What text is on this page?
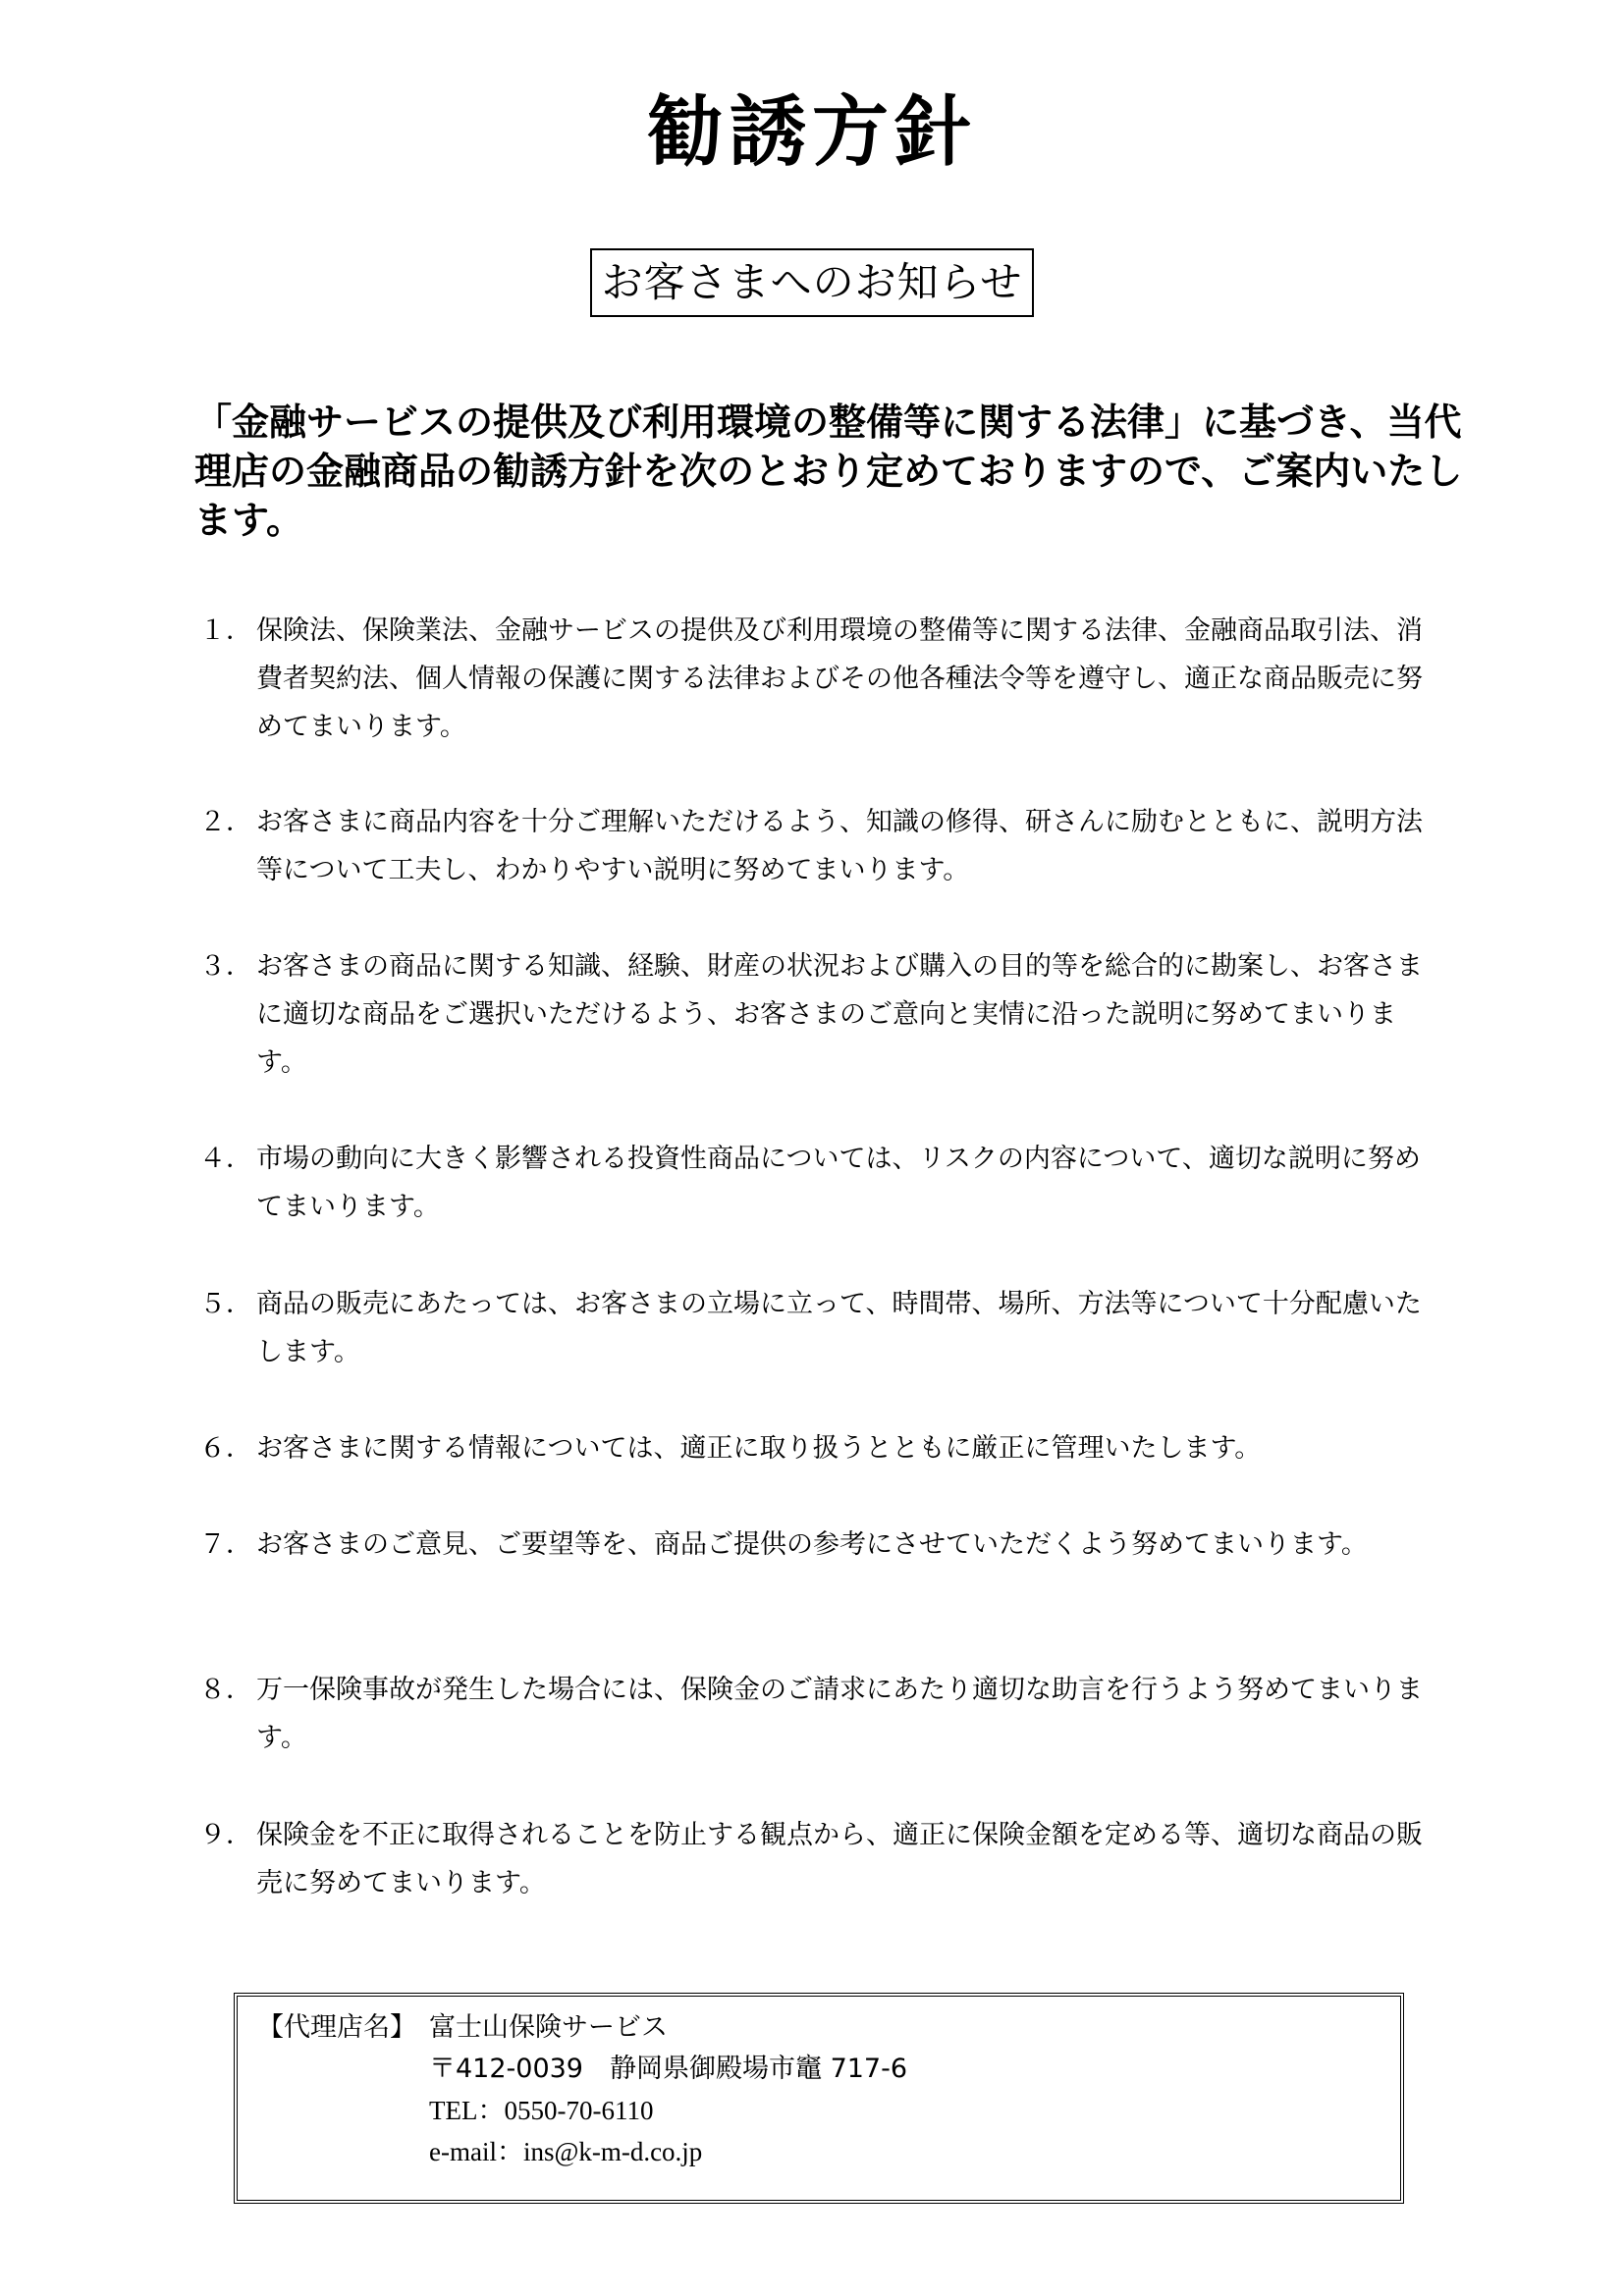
勧誘方針
お客さまへのお知らせ
「金融サービスの提供及び利用環境の整備等に関する法律」に基づき、当代理店の金融商品の勧誘方針を次のとおり定めておりますので、ご案内いたします。
１． 保険法、保険業法、金融サービスの提供及び利用環境の整備等に関する法律、金融商品取引法、消費者契約法、個人情報の保護に関する法律およびその他各種法令等を遵守し、適正な商品販売に努めてまいります。
２． お客さまに商品内容を十分ご理解いただけるよう、知識の修得、研さんに励むとともに、説明方法等について工夫し、わかりやすい説明に努めてまいります。
３． お客さまの商品に関する知識、経験、財産の状況および購入の目的等を総合的に勘案し、お客さまに適切な商品をご選択いただけるよう、お客さまのご意向と実情に沿った説明に努めてまいります。
４． 市場の動向に大きく影響される投資性商品については、リスクの内容について、適切な説明に努めてまいります。
５． 商品の販売にあたっては、お客さまの立場に立って、時間帯、場所、方法等について十分配慮いたします。
６． お客さまに関する情報については、適正に取り扱うとともに厳正に管理いたします。
７． お客さまのご意見、ご要望等を、商品ご提供の参考にさせていただくよう努めてまいります。
８． 万一保険事故が発生した場合には、保険金のご請求にあたり適切な助言を行うよう努めてまいります。
９． 保険金を不正に取得されることを防止する観点から、適正に保険金額を定める等、適切な商品の販売に努めてまいります。
【代理店名】 富士山保険サービス
〒412-0039　静岡県御殿場市竈 717-6
TEL：0550-70-6110
e-mail：ins@k-m-d.co.jp
